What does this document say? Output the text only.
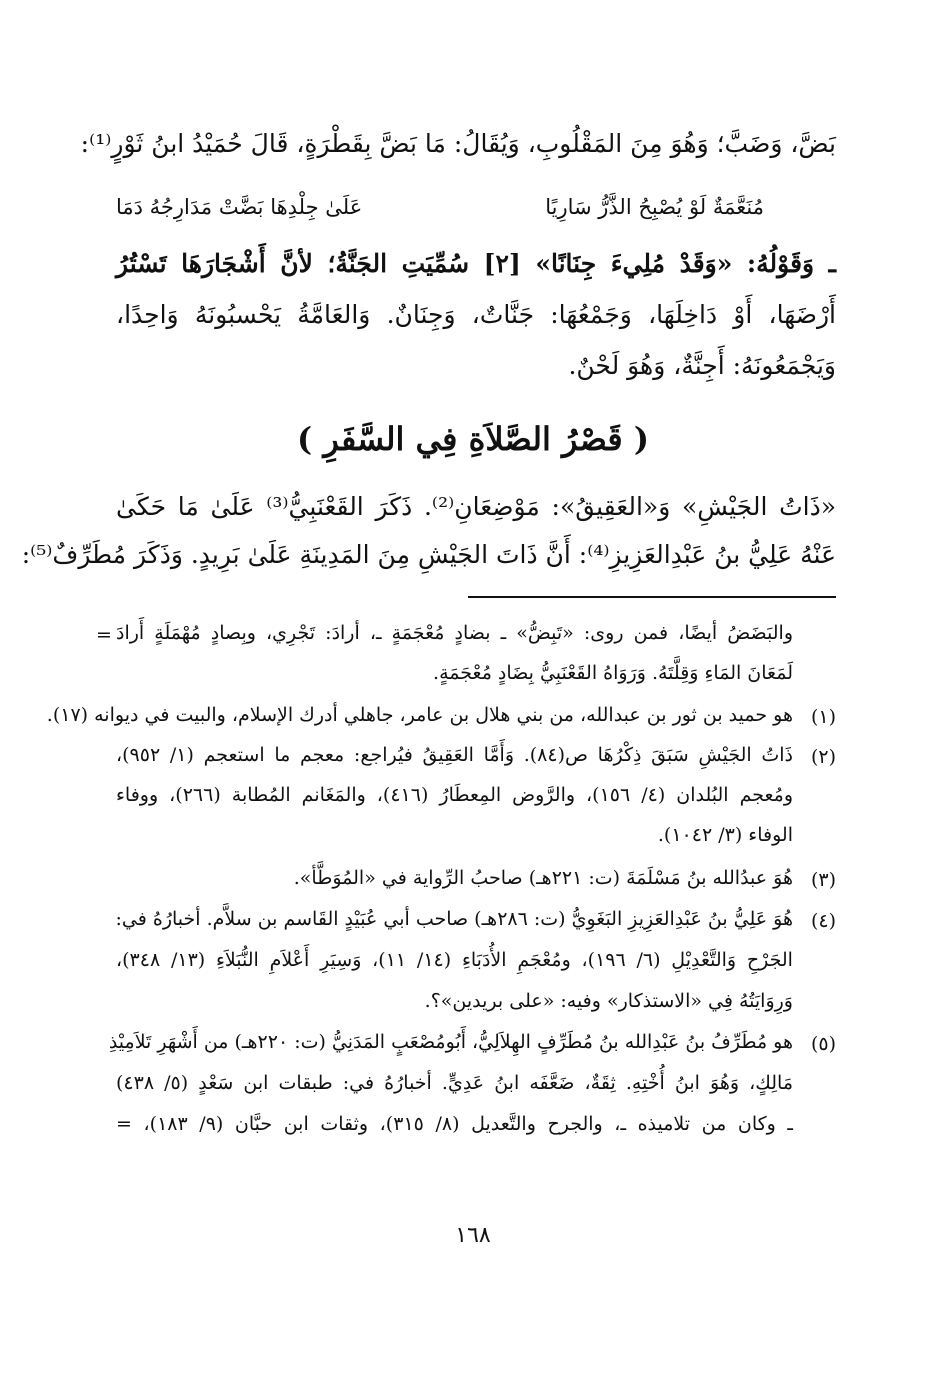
بَضَّ، وَضَبَّ؛ وَهُوَ مِنَ المَقْلُوبِ، وَيُقَالُ: مَا بَضَّ بِقَطْرَةٍ، قَالَ حُمَيْدُ ابنُ ثَوْرٍ⁽¹⁾:
مُنَعَّمَةٌ لَوْ يُصْبِحُ الذَّرُّ سَارِيًا
عَلَىٰ جِلْدِهَا بَضَّتْ مَدَارِجُهُ دَمَا
ـ وَقَوْلُهُ: «وَقَدْ مُلِيءَ جِنَانًا» [٢] سُمِّيَتِ الجَنَّةُ؛ لأنَّ أَشْجَارَهَا تَسْتُرُ
أَرْضَهَا، أَوْ دَاخِلَهَا، وَجَمْعُهَا: جَنَّاتٌ، وَجِنَانٌ. وَالعَامَّةُ يَحْسبُونَهُ وَاحِدًا،
وَيَجْمَعُونَهُ: أَجِنَّةٌ، وَهُوَ لَحْنٌ.
( قَصْرُ الصَّلاَةِ فِي السَّفَرِ )
«ذَاتُ الجَيْشِ» وَ«العَقِيقُ»: مَوْضِعَانِ⁽²⁾. ذَكَرَ القَعْنَبِيُّ⁽³⁾ عَلَىٰ مَا حَكَىٰ
عَنْهُ عَلِيُّ بنُ عَبْدِالعَزِيزِ⁽⁴⁾: أَنَّ ذَاتَ الجَيْشِ مِنَ المَدِينَةِ عَلَىٰ بَرِيدٍ. وَذَكَرَ مُطَرِّفٌ⁽⁵⁾:
= والبَضَضُ أيضًا، فمن روى: «تَبِضُّ» ـ بضادٍ مُعْجَمَةٍ ـ، أرادَ: تَجْرِي، وبِصادٍ مُهْمَلَةٍ أَرادَ
لَمَعَانَ المَاءِ وَقِلَّتَهُ. وَرَوَاهُ القَعْنَبِيُّ بِضَادٍ مُعْجَمَةٍ.
(١)
هو حميد بن ثور بن عبدالله، من بني هلال بن عامر، جاهلي أدرك الإسلام، والبيت في ديوانه (١٧).
(٢)
ذَاتُ الجَيْشِ سَبَقَ ذِكْرُهَا ص(٨٤). وَأَمَّا العَقِيقُ فيُراجع: معجم ما استعجم (١/ ٩٥٢)،
ومُعجم البُلدان (٤/ ١٥٦)، والرَّوض المِعطَارُ (٤١٦)، والمَغَانم المُطابة (٢٦٦)، ووفاء
الوفاء (٣/ ١٠٤٢).
(٣)
هُوَ عبدُالله بنُ مَسْلَمَةَ (ت: ٢٢١هـ) صاحبُ الرِّواية في «المُوَطَّأ».
(٤)
هُوَ عَلِيُّ بنُ عَبْدِالعَزِيزِ البَغَوِيُّ (ت: ٢٨٦هـ) صاحب أبي عُبَيْدٍ القَاسم بن سلاَّم. أخبارُهُ في:
الجَرْحِ وَالتَّعْدِيْلِ (٦/ ١٩٦)، ومُعْجَمِ الأُدَبَاءِ (١٤/ ١١)، وَسِيَرِ أَعْلاَمِ النُّبَلاَءِ (١٣/ ٣٤٨)،
وَرِوَايَتُهُ فِي «الاستذكار» وفيه: «على بريدين»؟.
(٥)
هو مُطَرِّفُ بنُ عَبْدِالله بنُ مُطَرِّفٍ الهِلاَلِيُّ، أَبُومُصْعَبٍ المَدَنِيُّ (ت: ٢٢٠هـ) من أَشْهَرِ تَلاَمِيْذِ
مَالِكٍ، وَهُوَ ابنُ أُخْتِهِ. ثِقَةٌ، ضَعَّفَه ابنُ عَدِيٍّ. أخبارُهُ في: طبقات ابن سَعْدٍ (٥/ ٤٣٨)
ـ وكان من تلاميذه ـ، والجرح والتَّعديل (٨/ ٣١٥)، وثقات ابن حبَّان (٩/ ١٨٣)، =
١٦٨
